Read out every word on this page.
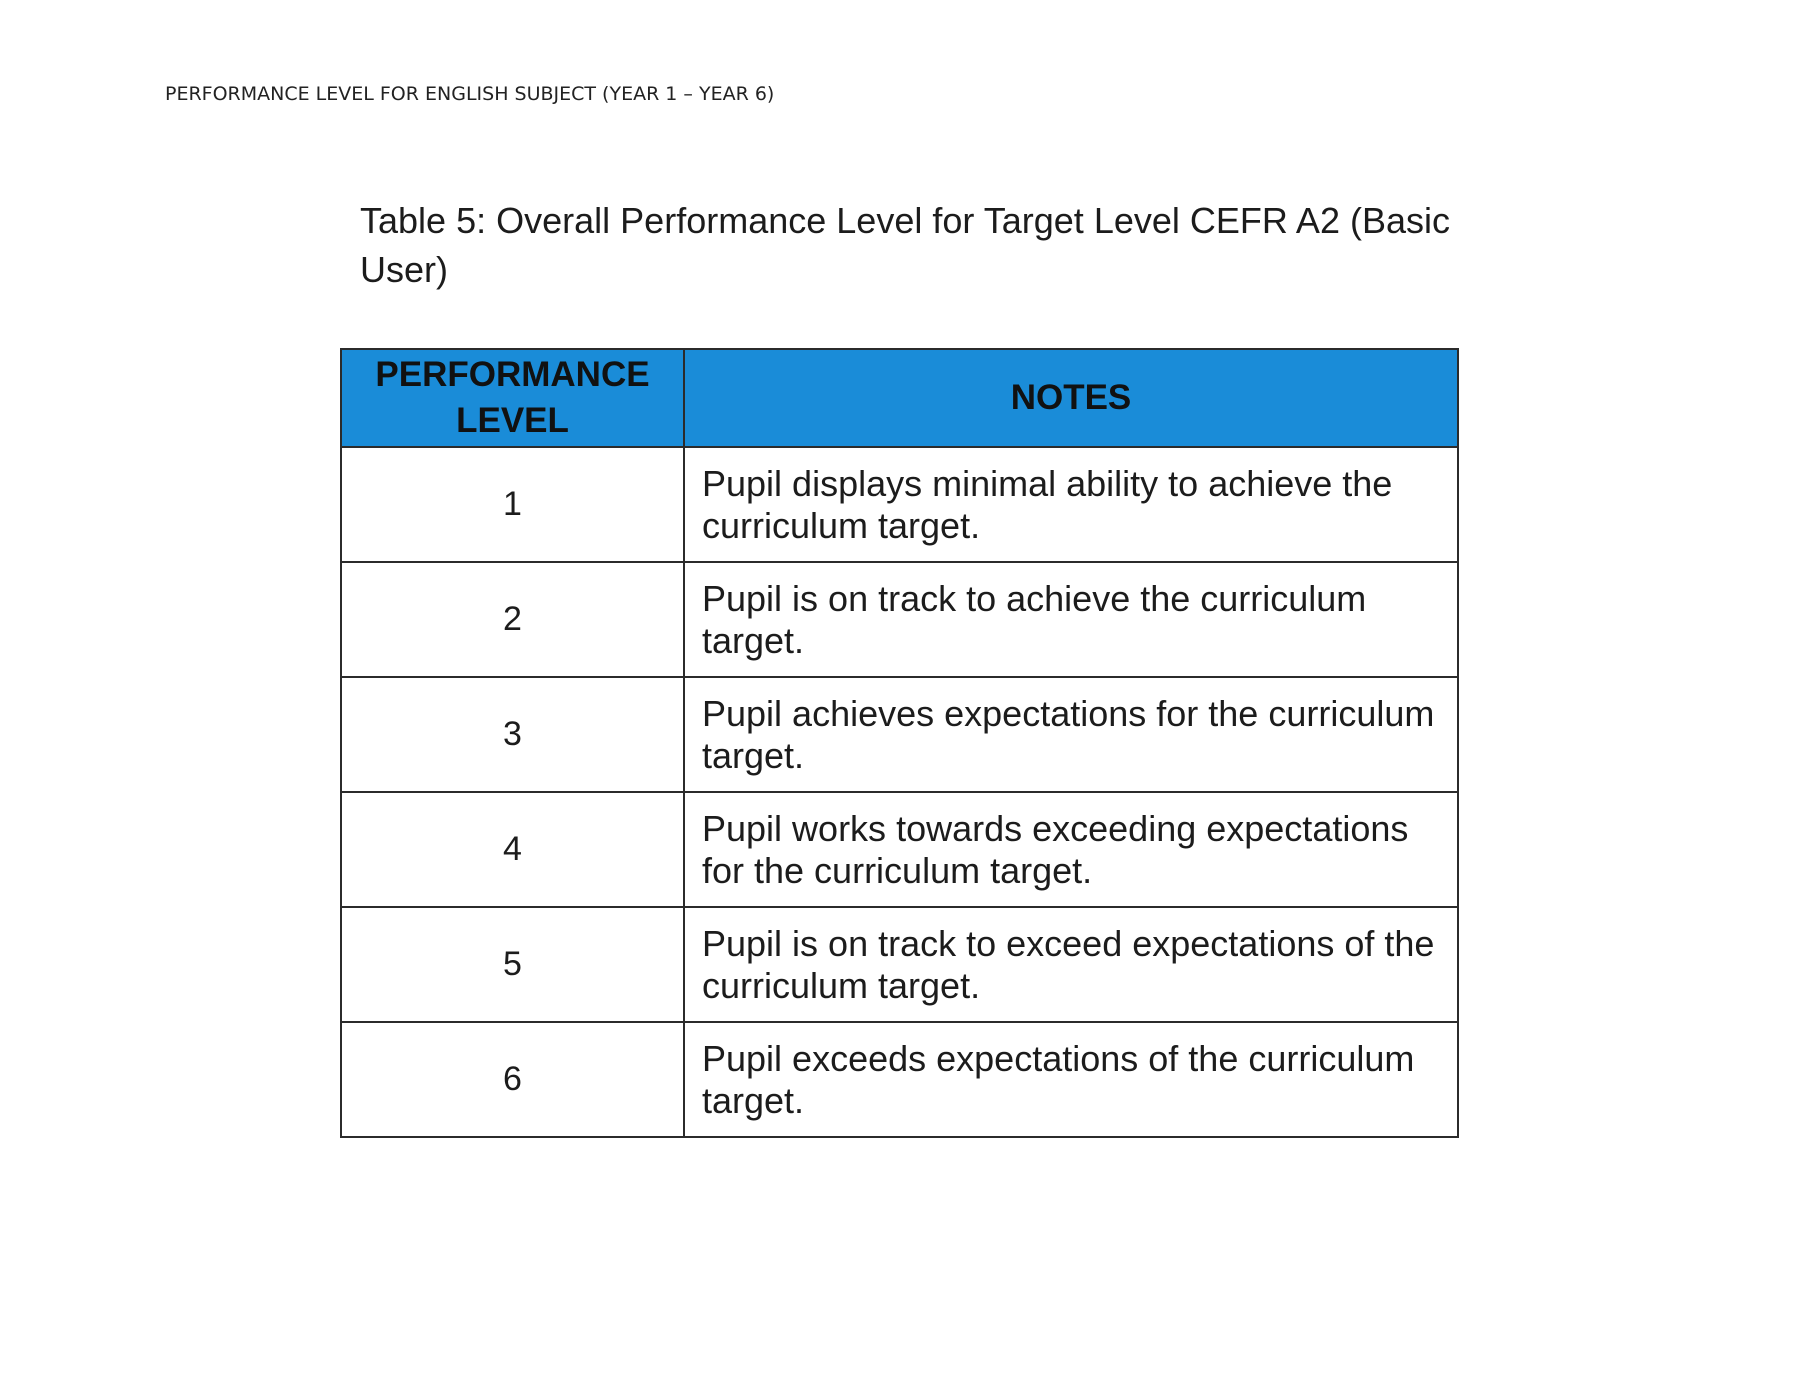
PERFORMANCE LEVEL FOR ENGLISH SUBJECT (YEAR 1 – YEAR 6)
Table 5: Overall Performance Level for Target Level CEFR A2 (Basic User)
PERFORMANCE LEVEL	NOTES
1	Pupil displays minimal ability to achieve the curriculum target.
2	Pupil is on track to achieve the curriculum target.
3	Pupil achieves expectations for the curriculum target.
4	Pupil works towards exceeding expectations for the curriculum target.
5	Pupil is on track to exceed expectations of the curriculum target.
6	Pupil exceeds expectations of the curriculum target.
